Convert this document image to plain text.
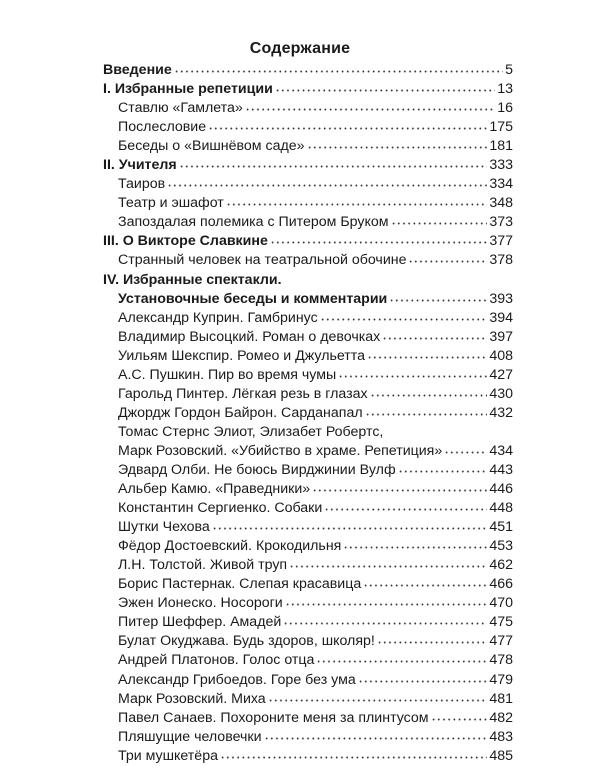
Содержание
Введение	5
I. Избранные репетиции	13
Ставлю «Гамлета»	16
Послесловие	175
Беседы о «Вишнёвом саде»	181
II. Учителя	333
Таиров	334
Театр и эшафот	348
Запоздалая полемика с Питером Бруком	373
III. О Викторе Славкине	377
Странный человек на театральной обочине	378
IV. Избранные спектакли.
Установочные беседы и комментарии	393
Александр Куприн. Гамбринус	394
Владимир Высоцкий. Роман о девочках	397
Уильям Шекспир. Ромео и Джульетта	408
А.С. Пушкин. Пир во время чумы	427
Гарольд Пинтер. Лёгкая резь в глазах	430
Джордж Гордон Байрон. Сарданапал	432
Томас Стернс Элиот, Элизабет Робертс,
Марк Розовский. «Убийство в храме. Репетиция»	434
Эдвард Олби. Не боюсь Вирджинии Вулф	443
Альбер Камю. «Праведники»	446
Константин Сергиенко. Собаки	448
Шутки Чехова	451
Фёдор Достоевский. Крокодильня	453
Л.Н. Толстой. Живой труп	462
Борис Пастернак. Слепая красавица	466
Эжен Ионеско. Носороги	470
Питер Шеффер. Амадей	475
Булат Окуджава. Будь здоров, школяр!	477
Андрей Платонов. Голос отца	478
Александр Грибоедов. Горе без ума	479
Марк Розовский. Миха	481
Павел Санаев. Похороните меня за плинтусом	482
Пляшущие человечки	483
Три мушкетёра	485
